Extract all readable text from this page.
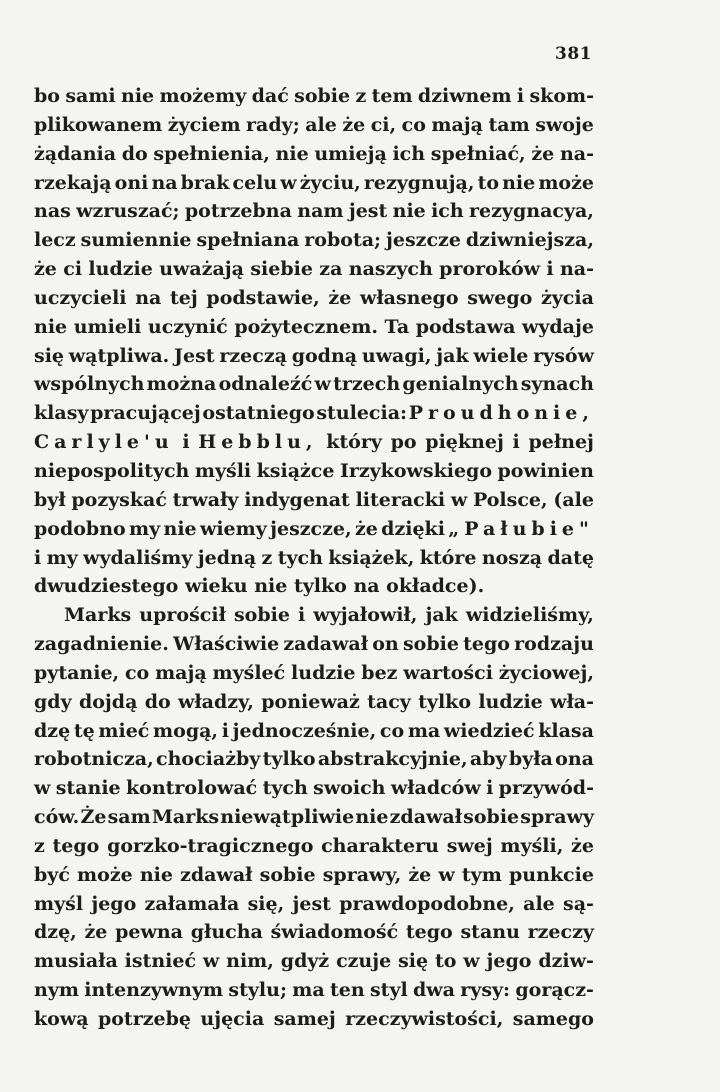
381
bo sami nie możemy dać sobie z tem dziwnem i skom-
plikowanem życiem rady; ale że ci, co mają tam swoje
żądania do spełnienia, nie umieją ich spełniać, że na-
rzekają oni na brak celu w życiu, rezygnują, to nie może
nas wzruszać; potrzebna nam jest nie ich rezygnacya,
lecz sumiennie spełniana robota; jeszcze dziwniejsza,
że ci ludzie uważają siebie za naszych proroków i na-
uczycieli na tej podstawie, że własnego swego życia
nie umieli uczynić pożytecznem. Ta podstawa wydaje
się wątpliwa. Jest rzeczą godną uwagi, jak wiele rysów
wspólnych można odnaleźć w trzech genialnych synach
klasy pracującej ostatniego stulecia: Proudhonie,
Carlyle'u i Hebblu, który po pięknej i pełnej
niepospolitych myśli książce Irzykowskiego powinien
był pozyskać trwały indygenat literacki w Polsce, (ale
podobno my nie wiemy jeszcze, że dzięki „Pałubie"
i my wydaliśmy jedną z tych książek, które noszą datę
dwudziestego wieku nie tylko na okładce).
Marks uprościł sobie i wyjałowił, jak widzieliśmy,
zagadnienie. Właściwie zadawał on sobie tego rodzaju
pytanie, co mają myśleć ludzie bez wartości życiowej,
gdy dojdą do władzy, ponieważ tacy tylko ludzie wła-
dzę tę mieć mogą, i jednocześnie, co ma wiedzieć klasa
robotnicza, chociażby tylko abstrakcyjnie, aby była ona
w stanie kontrolować tych swoich władców i przywód-
ców. Że sam Marks niewątpliwie nie zdawał sobie sprawy
z tego gorzko-tragicznego charakteru swej myśli, że
być może nie zdawał sobie sprawy, że w tym punkcie
myśl jego załamała się, jest prawdopodobne, ale są-
dzę, że pewna głucha świadomość tego stanu rzeczy
musiała istnieć w nim, gdyż czuje się to w jego dziw-
nym intenzywnym stylu; ma ten styl dwa rysy: gorącz-
kową potrzebę ujęcia samej rzeczywistości, samego
